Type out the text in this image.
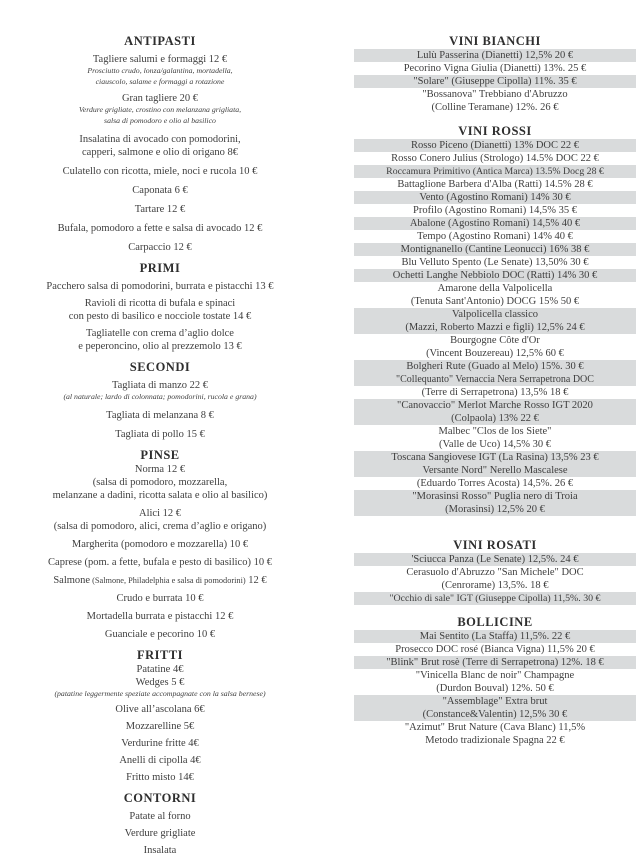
ANTIPASTI

Tagliere salumi e formaggi 12 €

Prosciutto crudo, lonza/galantina, mortadella,

ciauscolo, salame e formaggi a rotazione

Gran tagliere 20 €

Verdure grigliate, crostino con melanzana grigliata,

salsa di pomodoro e olio al basilico

Insalatina di avocado con pomodorini,

capperi, salmone e olio di origano 8€

Culatello con ricotta, miele, noci e rucola 10 €

Caponata 6 €

Tartare 12 €

Bufala, pomodoro a fette e salsa di avocado 12 €

Carpaccio 12 €

PRIMI

Pacchero salsa di pomodorini, burrata e pistacchi 13 €

Ravioli di ricotta di bufala e spinaci

con pesto di basilico e nocciole tostate 14 €

Tagliatelle con crema d’aglio dolce

e peperoncino, olio al prezzemolo 13 €

SECONDI

Tagliata di manzo 22 €

(al naturale; lardo di colonnata; pomodorini, rucola e grana)

Tagliata di melanzana 8 €

Tagliata di pollo 15 €

PINSE

Norma 12 €

(salsa di pomodoro, mozzarella,

melanzane a dadini, ricotta salata e olio al basilico)

Alici 12 €

(salsa di pomodoro, alici, crema d’aglio e origano)

Margherita (pomodoro e mozzarella) 10 €

Caprese (pom. a fette, bufala e pesto di basilico) 10 €

Salmone (Salmone, Philadelphia e salsa di pomodorini) 12 €

Crudo e burrata 10 €

Mortadella burrata e pistacchi 12 €

Guanciale e pecorino 10 €

FRITTI

Patatine 4€

Wedges 5 €

(patatine leggermente speziate accompagnate con la salsa bernese)

Olive all’ascolana 6€

Mozzarelline 5€

Verdurine fritte 4€

Anelli di cipolla 4€

Fritto misto 14€

CONTORNI

Patate al forno

Verdure grigliate

Insalata

VINI BIANCHI

Lulù Passerina (Dianetti) 12,5% 20 €

Pecorino Vigna Giulia (Dianetti) 13%. 25 €

"Solare" (Giuseppe Cipolla) 11%. 35 €

"Bossanova" Trebbiano d'Abruzzo

(Colline Teramane) 12%. 26 €

VINI ROSSI

Rosso Piceno (Dianetti) 13% DOC 22 €

Rosso Conero Julius (Strologo) 14.5% DOC 22 €

Roccamura Primitivo (Antica Marca) 13.5% Docg 28 €

Battaglione Barbera d'Alba (Ratti) 14.5% 28 €

Vento (Agostino Romani) 14% 30 €

Profilo (Agostino Romani) 14,5% 35 €

Abalone (Agostino Romani) 14,5% 40 €

Tempo (Agostino Romani) 14% 40 €

Montignanello (Cantine Leonucci) 16% 38 €

Blu Velluto Spento (Le Senate) 13,50% 30 €

Ochetti Langhe Nebbiolo DOC (Ratti) 14% 30 €

Amarone della Valpolicella

(Tenuta Sant'Antonio) DOCG 15% 50 €

Valpolicella classico

(Mazzi, Roberto Mazzi e figli) 12,5% 24 €

Bourgogne Côte d'Or

(Vincent Bouzereau) 12,5% 60 €

Bolgheri Rute (Guado al Melo) 15%. 30 €

"Collequanto" Vernaccia Nera Serrapetrona DOC

(Terre di Serrapetrona) 13,5% 18 €

"Canovaccio" Merlot Marche Rosso IGT 2020

(Colpaola) 13% 22 €

Malbec "Clos de los Siete"

(Valle de Uco) 14,5% 30 €

Toscana Sangiovese IGT (La Rasina) 13,5% 23 €

Versante Nord" Nerello Mascalese

(Eduardo Torres Acosta) 14,5%. 26 €

"Morasinsi Rosso" Puglia nero di Troia

(Morasinsi) 12,5% 20 €

VINI ROSATI

'Sciucca Panza (Le Senate) 12,5%. 24 €

Cerasuolo d'Abruzzo "San Michele" DOC

(Cenrorame) 13,5%. 18 €

"Occhio di sale" IGT (Giuseppe Cipolla) 11,5%. 30 €

BOLLICINE

Mai Sentito (La Staffa) 11,5%. 22 €

Prosecco DOC rosé (Bianca Vigna) 11,5% 20 €

"Blink" Brut rosè (Terre di Serrapetrona) 12%. 18 €

"Vinicella Blanc de noir" Champagne

(Durdon Bouval) 12%. 50 €

"Assemblage" Extra brut

(Constance&Valentin) 12,5% 30 €

"Azimut" Brut Nature (Cava Blanc) 11,5%

Metodo tradizionale Spagna 22 €
